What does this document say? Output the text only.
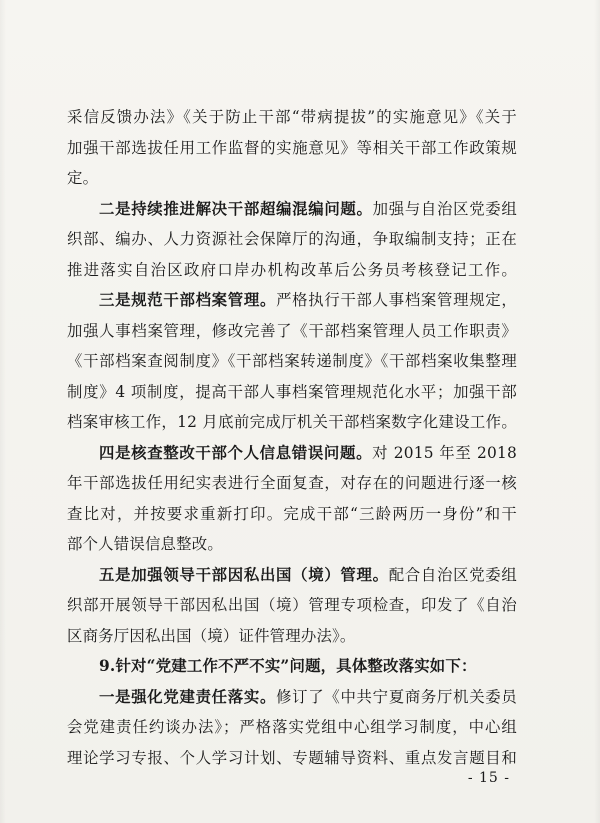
采信反馈办法》《关于防止干部“带病提拔”的实施意见》《关于
加强干部选拔任用工作监督的实施意见》等相关干部工作政策规
定。
二是持续推进解决干部超编混编问题。加强与自治区党委组
织部、编办、人力资源社会保障厅的沟通，争取编制支持；正在
推进落实自治区政府口岸办机构改革后公务员考核登记工作。
三是规范干部档案管理。严格执行干部人事档案管理规定，
加强人事档案管理，修改完善了《干部档案管理人员工作职责》
《干部档案查阅制度》《干部档案转递制度》《干部档案收集整理
制度》4 项制度，提高干部人事档案管理规范化水平；加强干部
档案审核工作，12 月底前完成厅机关干部档案数字化建设工作。
四是核查整改干部个人信息错误问题。对 2015 年至 2018
年干部选拔任用纪实表进行全面复查，对存在的问题进行逐一核
查比对，并按要求重新打印。完成干部“三龄两历一身份”和干
部个人错误信息整改。
五是加强领导干部因私出国（境）管理。配合自治区党委组
织部开展领导干部因私出国（境）管理专项检查，印发了《自治
区商务厅因私出国（境）证件管理办法》。
9.针对“党建工作不严不实”问题，具体整改落实如下：
一是强化党建责任落实。修订了《中共宁夏商务厅机关委员
会党建责任约谈办法》；严格落实党组中心组学习制度，中心组
理论学习专报、个人学习计划、专题辅导资料、重点发言题目和
- 15 -
